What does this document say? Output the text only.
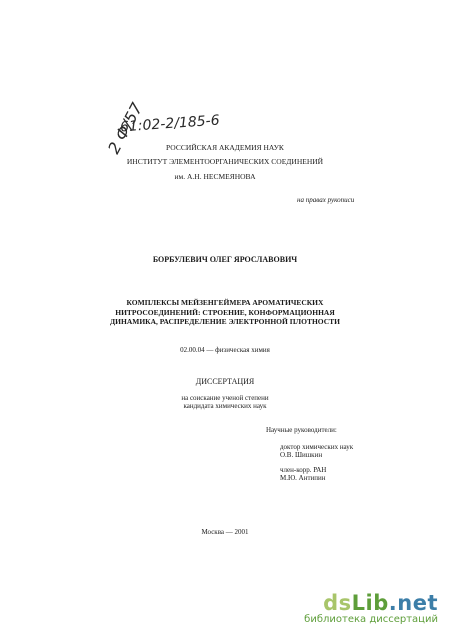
61:02-2/185-6
2 Ф/57	РОССИЙСКАЯ АКАДЕМИЯ НАУК
ИНСТИТУТ ЭЛЕМЕНТООРГАНИЧЕСКИХ СОЕДИНЕНИЙ
им. А.Н. НЕСМЕЯНОВА
на правах рукописи
БОРБУЛЕВИЧ ОЛЕГ ЯРОСЛАВОВИЧ
КОМПЛЕКСЫ МЕЙЗЕНГЕЙМЕРА АРОМАТИЧЕСКИХ
НИТРОСОЕДИНЕНИЙ: СТРОЕНИЕ, КОНФОРМАЦИОННАЯ
ДИНАМИКА, РАСПРЕДЕЛЕНИЕ ЭЛЕКТРОННОЙ ПЛОТНОСТИ
02.00.04 — физическая химия
ДИССЕРТАЦИЯ
на соискание ученой степени
кандидата химических наук
Научные руководители:
доктор химических наук
О.В. Шишкин
член-корр. РАН
М.Ю. Антипин
Москва — 2001
dsLib.net
библиотека диссертаций
